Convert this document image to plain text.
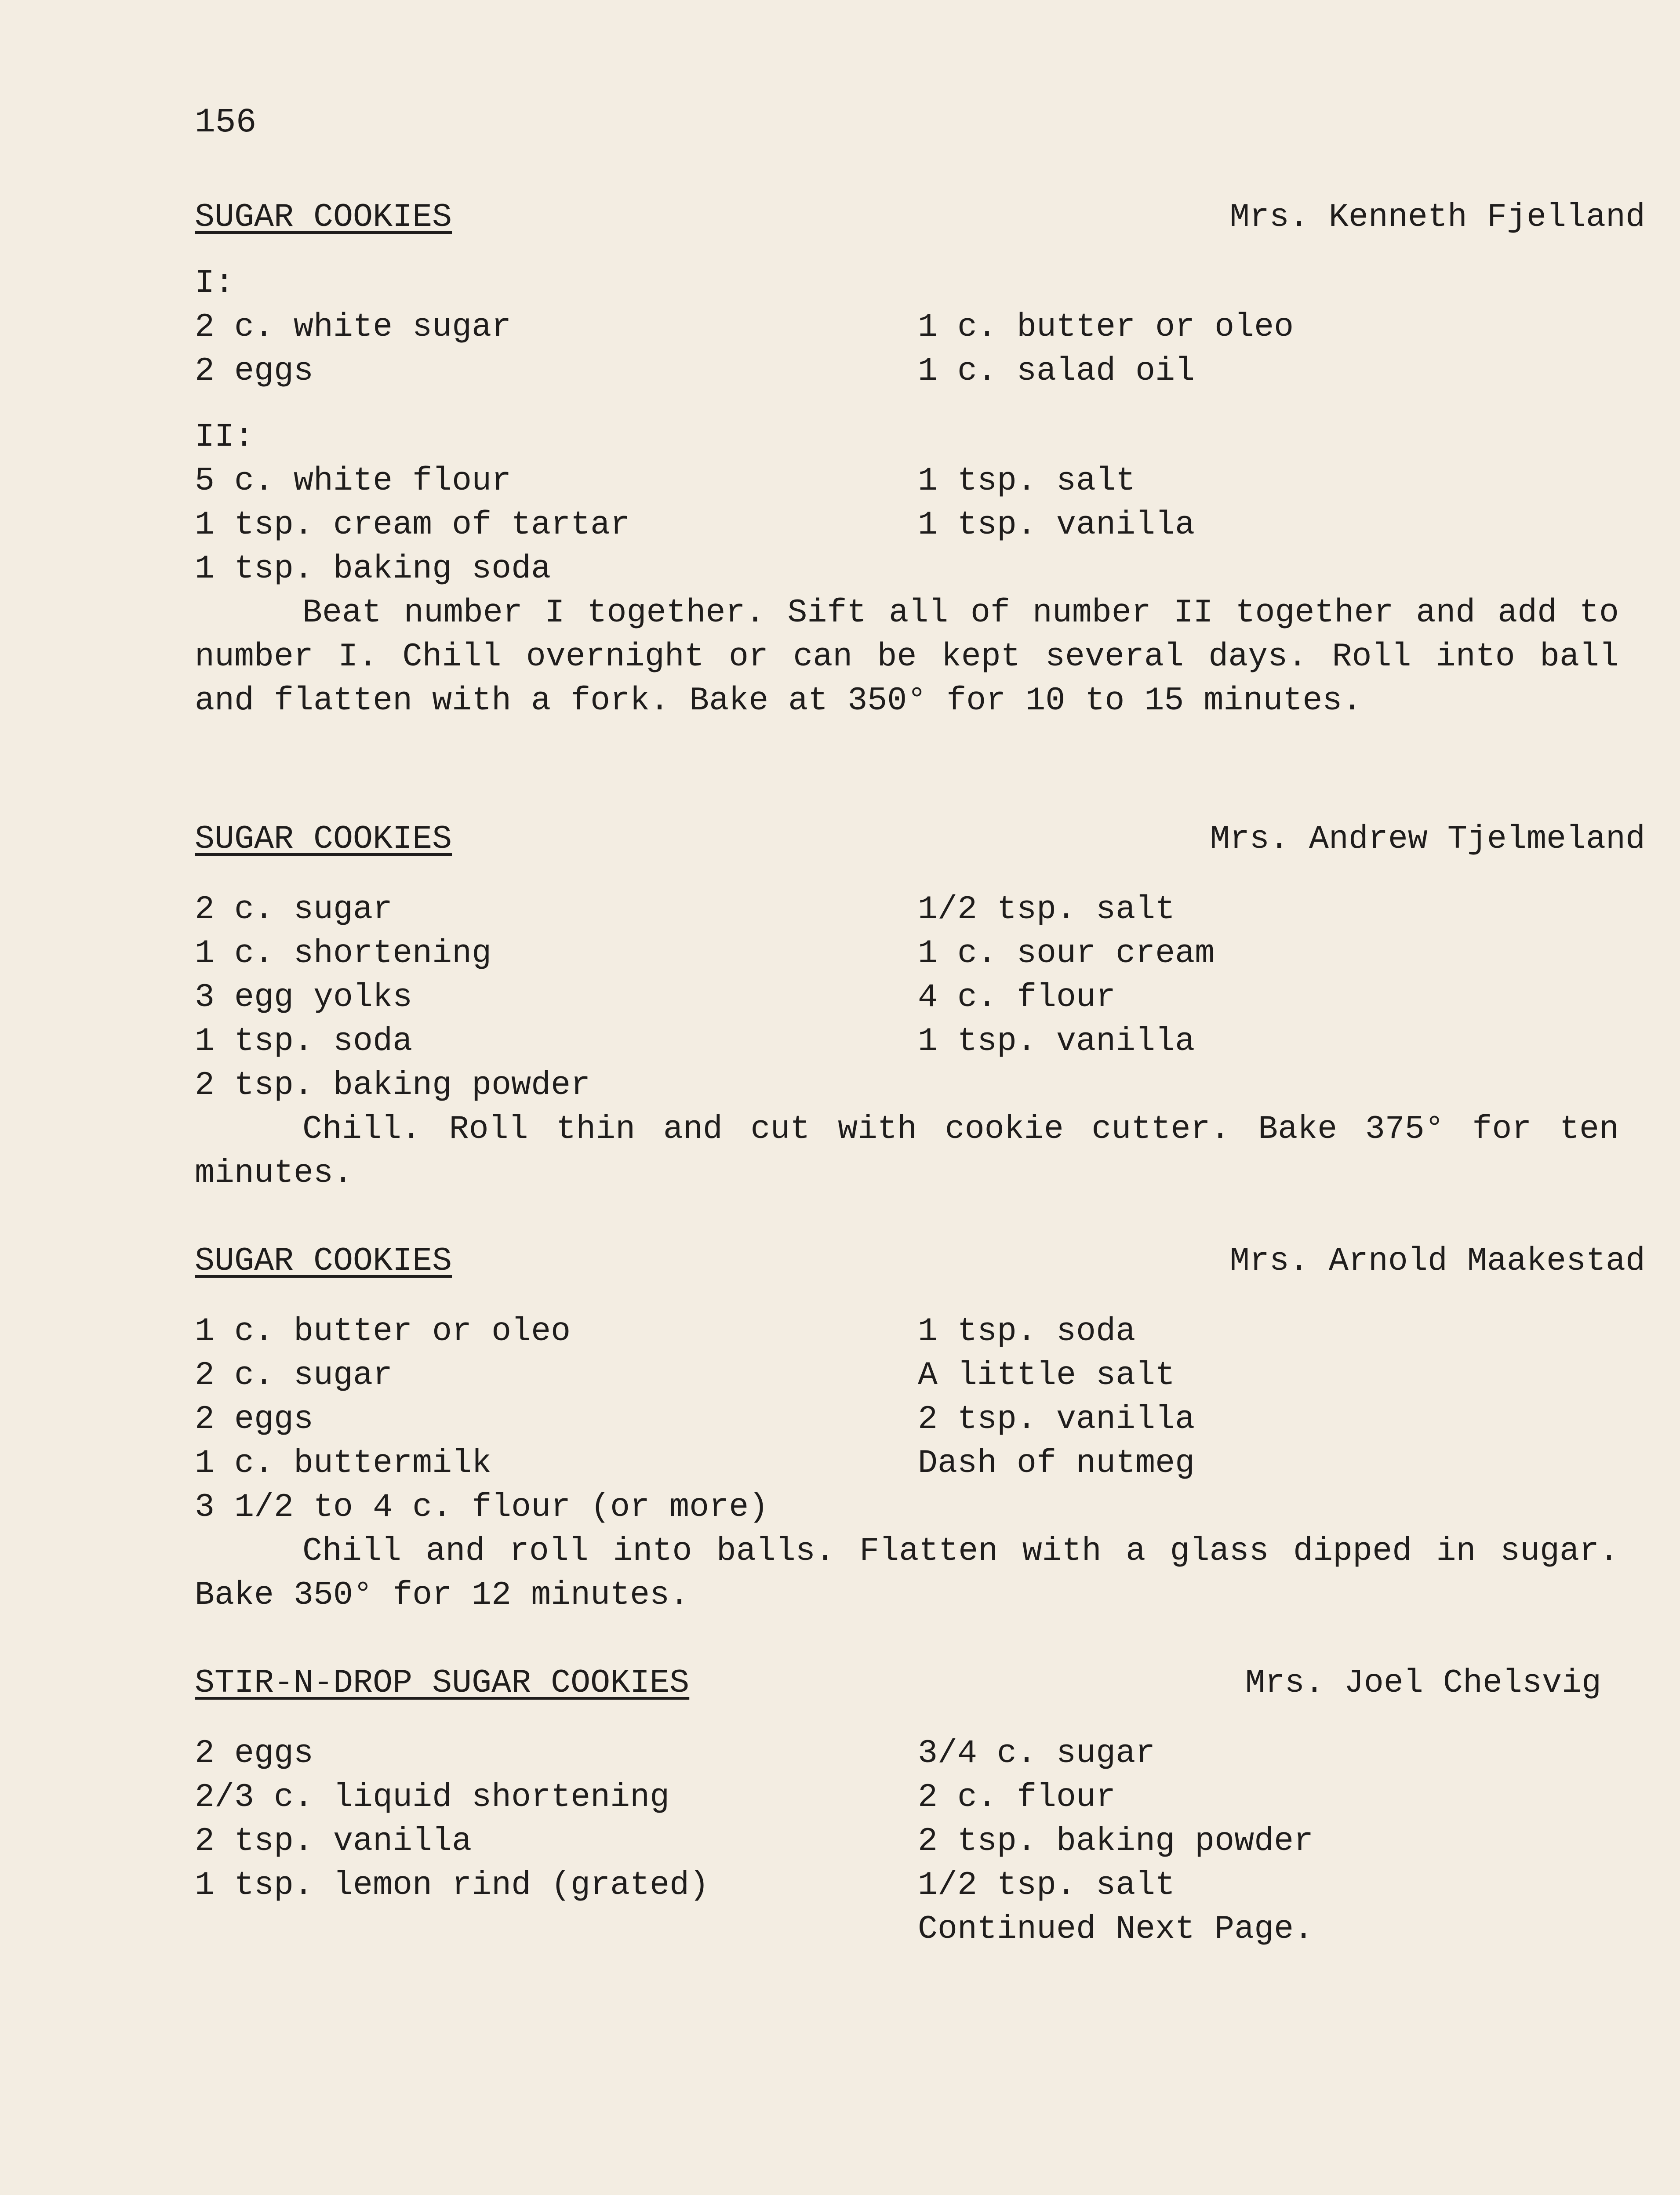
156
SUGAR COOKIES	Mrs. Kenneth Fjelland
I:
2 c. white sugar	1 c. butter or oleo
2 eggs	1 c. salad oil
II:
5 c. white flour	1 tsp. salt
1 tsp. cream of tartar	1 tsp. vanilla
1 tsp. baking soda
Beat number I together. Sift all of number II together and add to number I. Chill overnight or can be kept several days. Roll into ball and flatten with a fork. Bake at 350° for 10 to 15 minutes.
SUGAR COOKIES	Mrs. Andrew Tjelmeland
2 c. sugar	1/2 tsp. salt
1 c. shortening	1 c. sour cream
3 egg yolks	4 c. flour
1 tsp. soda	1 tsp. vanilla
2 tsp. baking powder
Chill. Roll thin and cut with cookie cutter. Bake 375° for ten minutes.
SUGAR COOKIES	Mrs. Arnold Maakestad
1 c. butter or oleo	1 tsp. soda
2 c. sugar	A little salt
2 eggs	2 tsp. vanilla
1 c. buttermilk	Dash of nutmeg
3 1/2 to 4 c. flour (or more)
Chill and roll into balls. Flatten with a glass dipped in sugar. Bake 350° for 12 minutes.
STIR-N-DROP SUGAR COOKIES	Mrs. Joel Chelsvig
2 eggs	3/4 c. sugar
2/3 c. liquid shortening	2 c. flour
2 tsp. vanilla	2 tsp. baking powder
1 tsp. lemon rind (grated)	1/2 tsp. salt
Continued Next Page.
